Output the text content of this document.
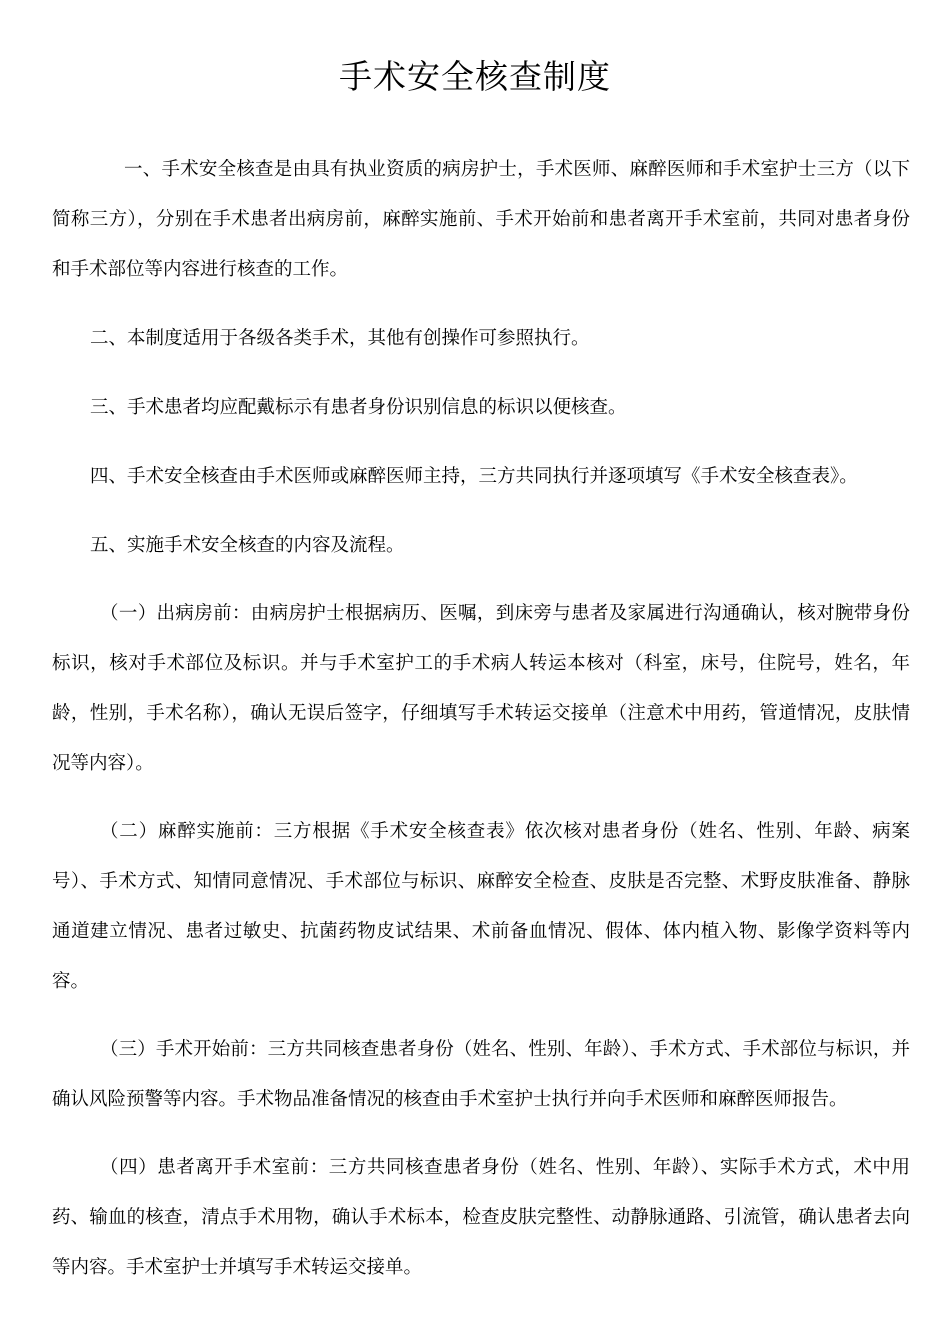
手术安全核查制度

一、手术安全核查是由具有执业资质的病房护士，手术医师、麻醉医师和手术室护士三方（以下简称三方），分别在手术患者出病房前，麻醉实施前、手术开始前和患者离开手术室前，共同对患者身份和手术部位等内容进行核查的工作。

二、本制度适用于各级各类手术，其他有创操作可参照执行。

三、手术患者均应配戴标示有患者身份识别信息的标识以便核查。

四、手术安全核查由手术医师或麻醉医师主持，三方共同执行并逐项填写《手术安全核查表》。

五、实施手术安全核查的内容及流程。

（一）出病房前：由病房护士根据病历、医嘱，到床旁与患者及家属进行沟通确认，核对腕带身份标识，核对手术部位及标识。并与手术室护工的手术病人转运本核对（科室，床号，住院号，姓名，年龄，性别，手术名称），确认无误后签字，仔细填写手术转运交接单（注意术中用药，管道情况，皮肤情况等内容）。

（二）麻醉实施前：三方根据《手术安全核查表》依次核对患者身份（姓名、性别、年龄、病案号）、手术方式、知情同意情况、手术部位与标识、麻醉安全检查、皮肤是否完整、术野皮肤准备、静脉通道建立情况、患者过敏史、抗菌药物皮试结果、术前备血情况、假体、体内植入物、影像学资料等内容。

（三）手术开始前：三方共同核查患者身份（姓名、性别、年龄）、手术方式、手术部位与标识，并确认风险预警等内容。手术物品准备情况的核查由手术室护士执行并向手术医师和麻醉医师报告。

（四）患者离开手术室前：三方共同核查患者身份（姓名、性别、年龄）、实际手术方式，术中用药、输血的核查，清点手术用物，确认手术标本，检查皮肤完整性、动静脉通路、引流管，确认患者去向等内容。手术室护士并填写手术转运交接单。
